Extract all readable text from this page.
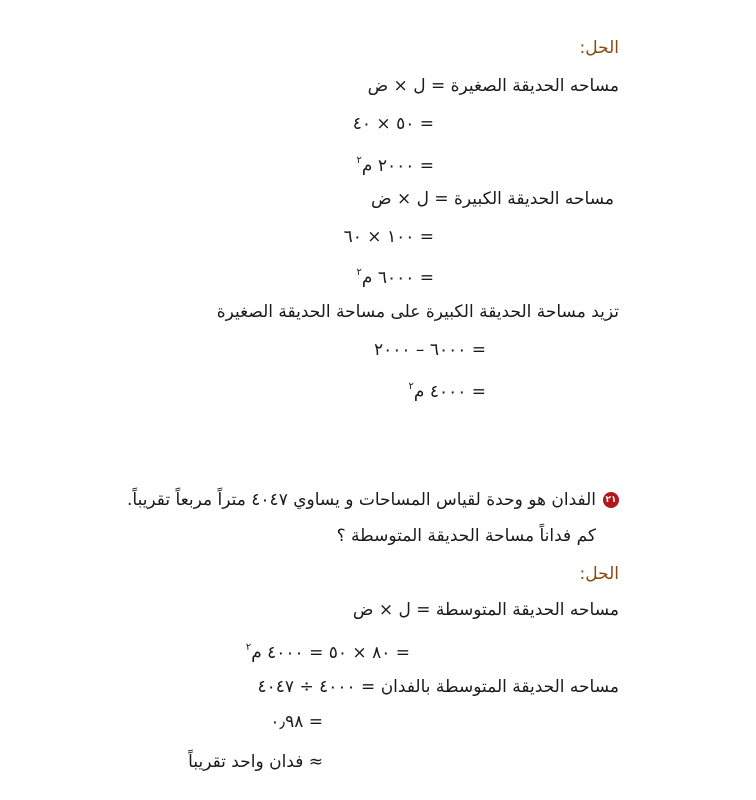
الحل:
مساحه الحديقة الصغيرة = ل × ض
= ٥٠ × ٤٠
= ٢٠٠٠ م$^٢$
مساحه الحديقة الكبيرة = ل × ض
= ١٠٠ × ٦٠
= ٦٠٠٠ م$^٢$
تزيد مساحة الحديقة الكبيرة على مساحة الحديقة الصغيرة
= ٦٠٠٠ – ٢٠٠٠
= ٤٠٠٠ م$^٢$
٢١
الفدان هو وحدة لقياس المساحات و يساوي ٤٠٤٧ متراً مربعاً تقريباً.
كم فداناً مساحة الحديقة المتوسطة ؟
الحل:
مساحه الحديقة المتوسطة = ل × ض
= ٨٠ × ٥٠ = ٤٠٠٠ م$^٢$
مساحه الحديقة المتوسطة بالفدان = ٤٠٠٠ ÷ ٤٠٤٧
= ٠٫٩٨
≈ فدان واحد تقريباً
